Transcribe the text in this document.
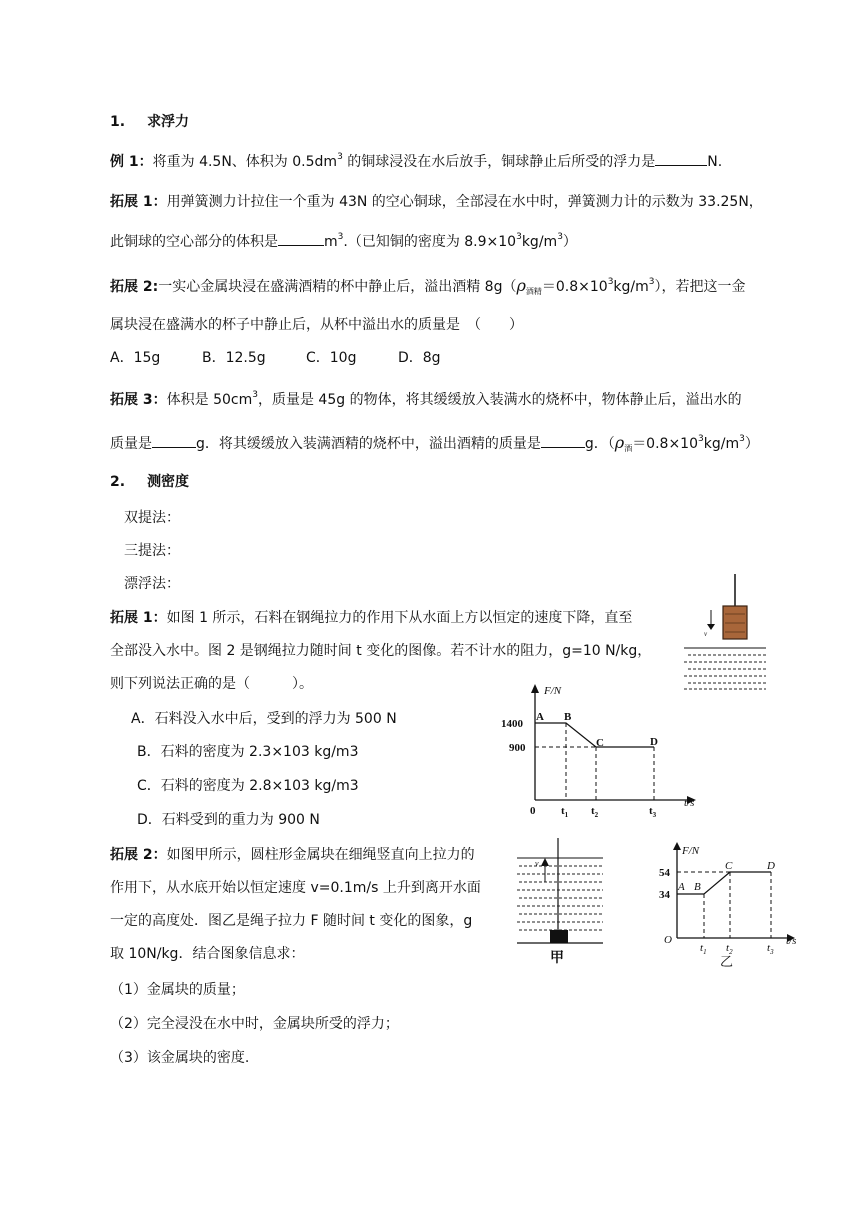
1. 求浮力
例 1：将重为 4.5N、体积为 $0.5dm^3$ 的铜球浸没在水后放手，铜球静止后所受的浮力是	N.
拓展 1：用弹簧测力计拉住一个重为 43N 的空心铜球，全部浸在水中时，弹簧测力计的示数为 33.25N，
此铜球的空心部分的体积是	$m^3$.（已知铜的密度为 $8.9\times 10^3kg/m^3$）
拓展 2:一实心金属块浸在盛满酒精的杯中静止后，溢出酒精 $8g(\rho_{酒精}=0.8\times 10^3kg/m^3)$，若把这一金
属块浸在盛满水的杯子中静止后，从杯中溢出水的质量是　（　　）
A．15g	B．12.5g	C．10g	D．8g
拓展 3：体积是 $50cm^3$，质量是 45g 的物体，将其缓缓放入装满水的烧杯中，物体静止后，溢出水的
质量是	g．将其缓缓放入装满酒精的烧杯中，溢出酒精的质量是	g．$(\rho_酒=0.8\times 10^3kg/m^3)$
2. 测密度
双提法：
三提法：
漂浮法：
拓展 1：如图 1 所示，石料在钢绳拉力的作用下从水面上方以恒定的速度下降，直至
全部没入水中。图 2 是钢绳拉力随时间 t 变化的图像。若不计水的阻力，g=10 N/kg，
则下列说法正确的是（　　　）。
A．石料没入水中后，受到的浮力为 500 N
B．石料的密度为 2.3×103 kg/m3
C．石料的密度为 2.8×103 kg/m3
D．石料受到的重力为 900 N
拓展 2：如图甲所示，圆柱形金属块在细绳竖直向上拉力的
作用下，从水底开始以恒定速度 v=0.1m/s 上升到离开水面
一定的高度处．图乙是绳子拉力 F 随时间 t 变化的图象，g
取 10N/kg．结合图象信息求：
（1）金属块的质量；
（2）完全浸没在水中时，金属块所受的浮力；
（3）该金属块的密度.
v
F/N
t/s
0
1400
900
A B
C	D
$t_1$ $t_2$	$t_3$
v
甲
F/N
t/s
O
54
34
A B
C	D
$t_1$ $t_2$	$t_3$
乙
